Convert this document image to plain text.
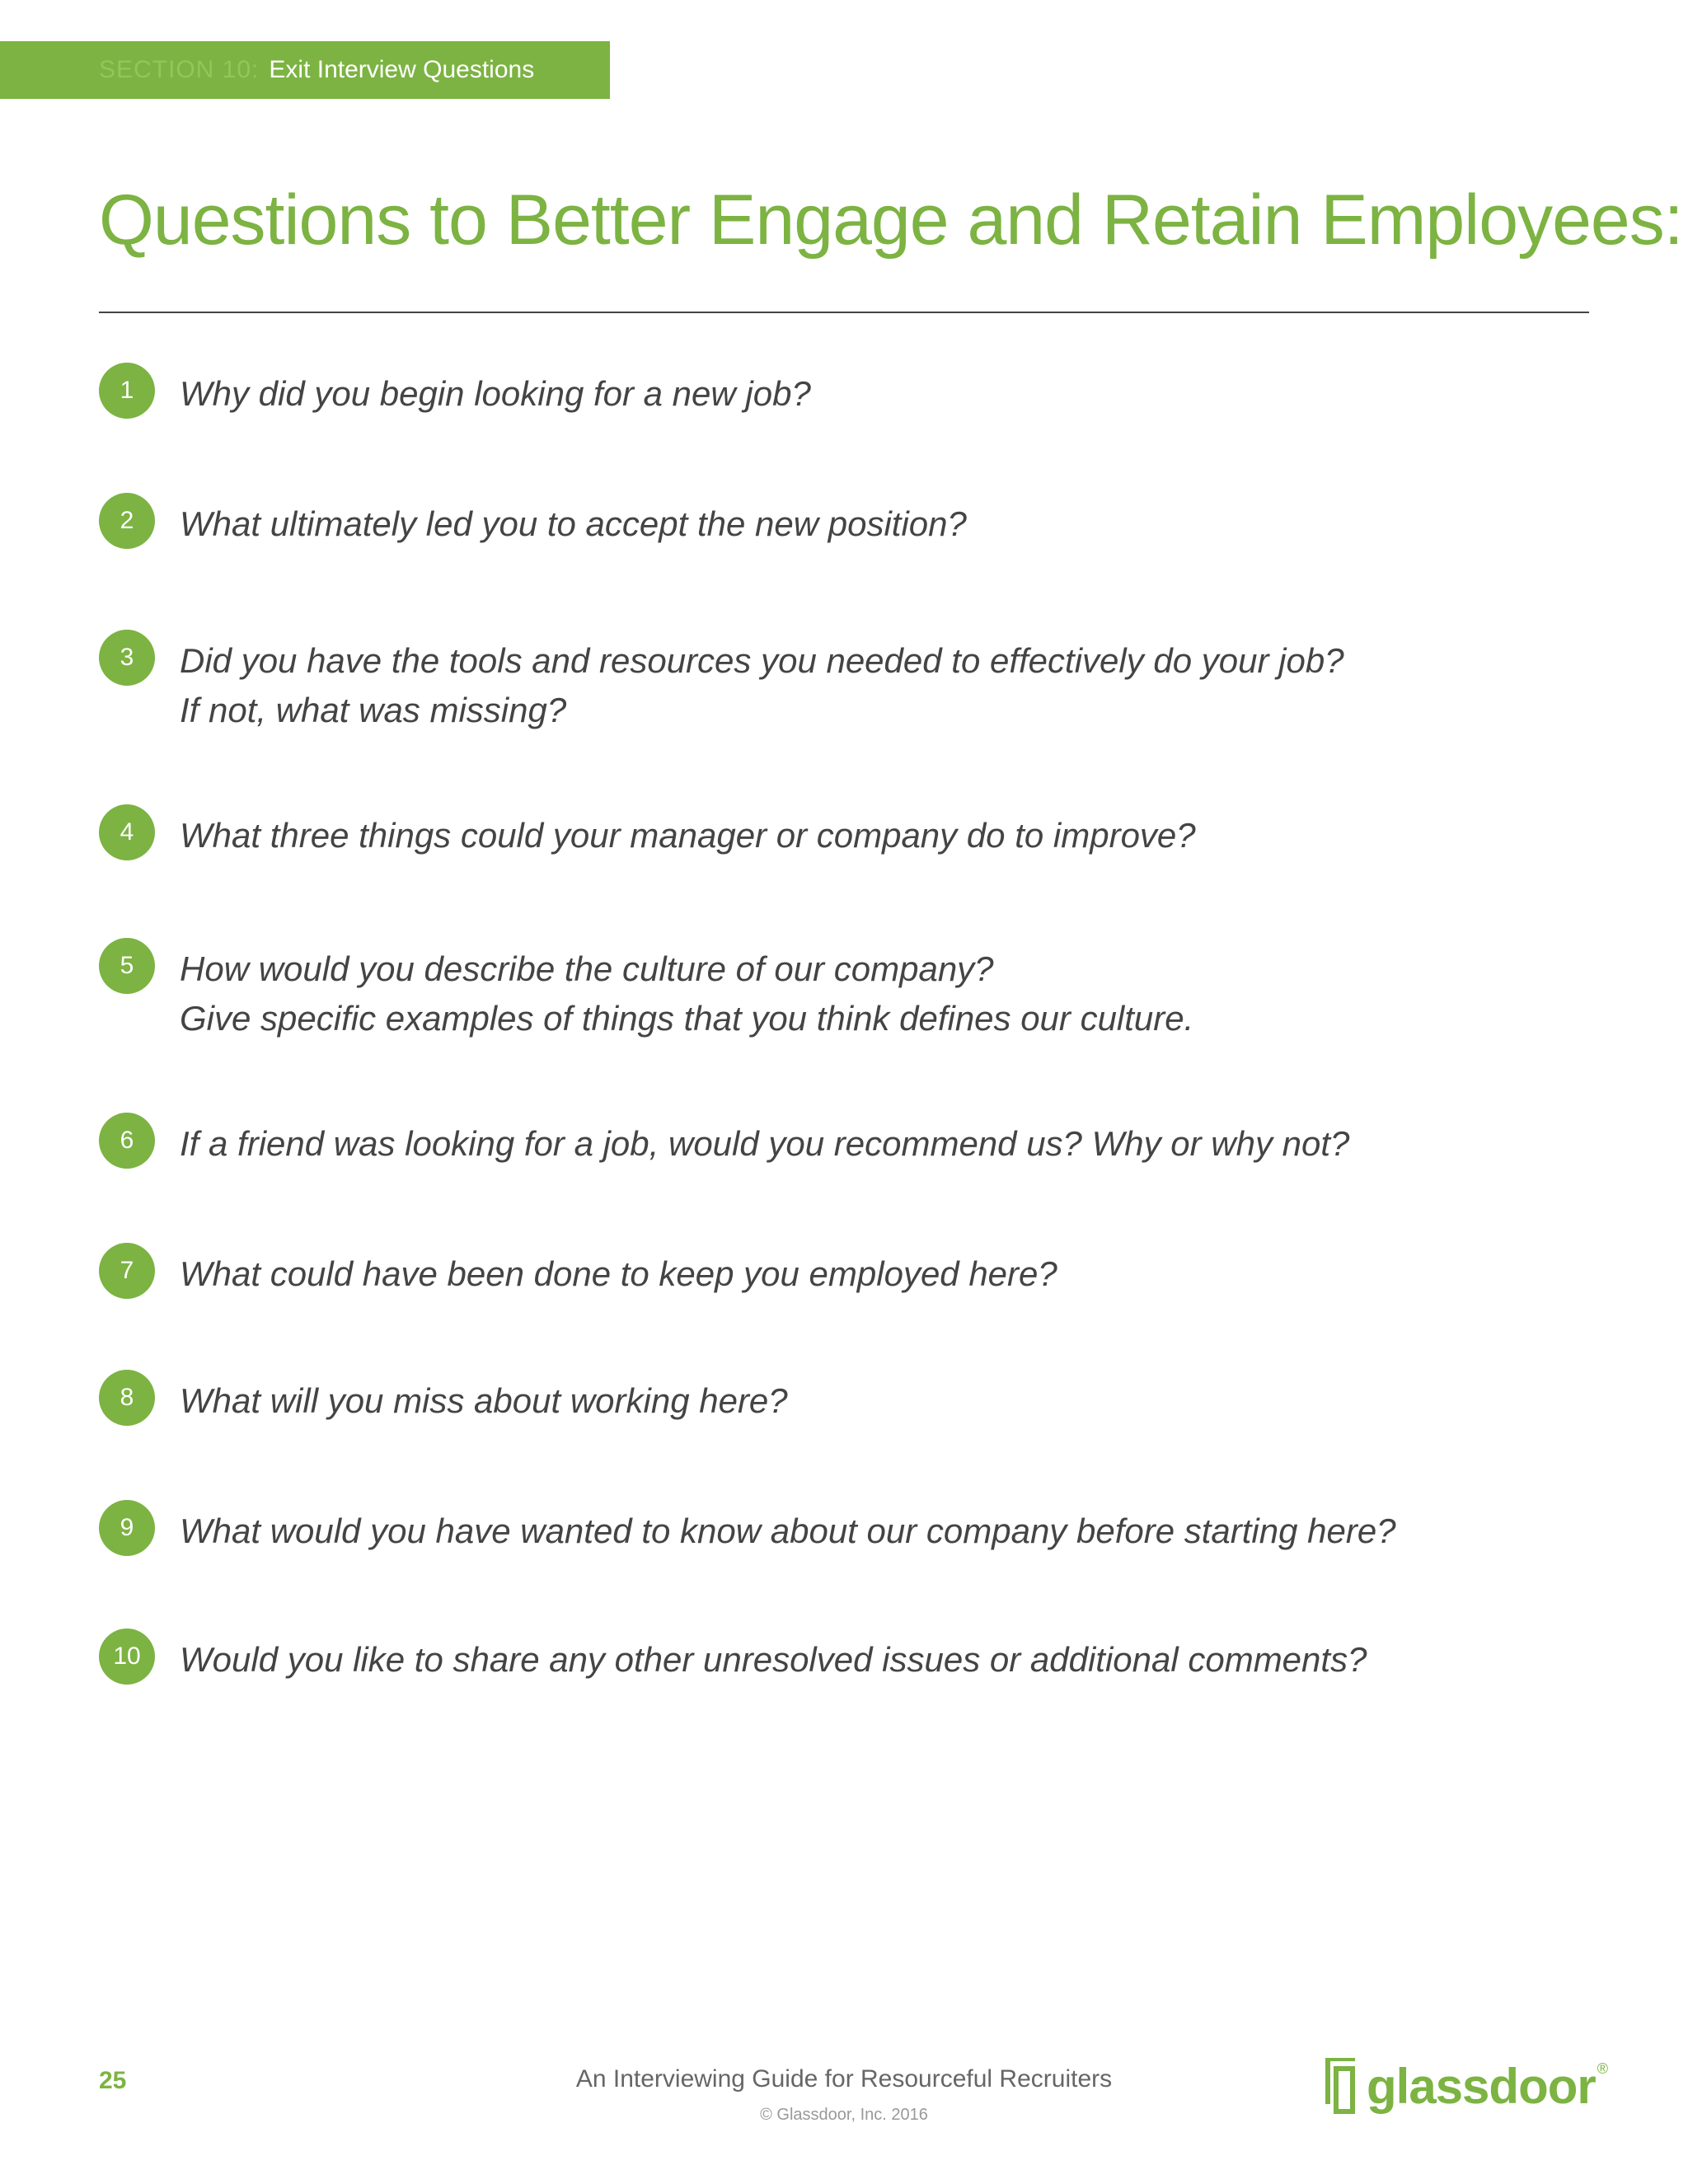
SECTION 10: Exit Interview Questions
Questions to Better Engage and Retain Employees:
1	Why did you begin looking for a new job?
2	What ultimately led you to accept the new position?
3	Did you have the tools and resources you needed to effectively do your job?
If not, what was missing?
4	What three things could your manager or company do to improve?
5	How would you describe the culture of our company?
Give specific examples of things that you think defines our culture.
6	If a friend was looking for a job, would you recommend us? Why or why not?
7	What could have been done to keep you employed here?
8	What will you miss about working here?
9	What would you have wanted to know about our company before starting here?
10	Would you like to share any other unresolved issues or additional comments?
25	An Interviewing Guide for Resourceful Recruiters
© Glassdoor, Inc. 2016
glassdoor ®
